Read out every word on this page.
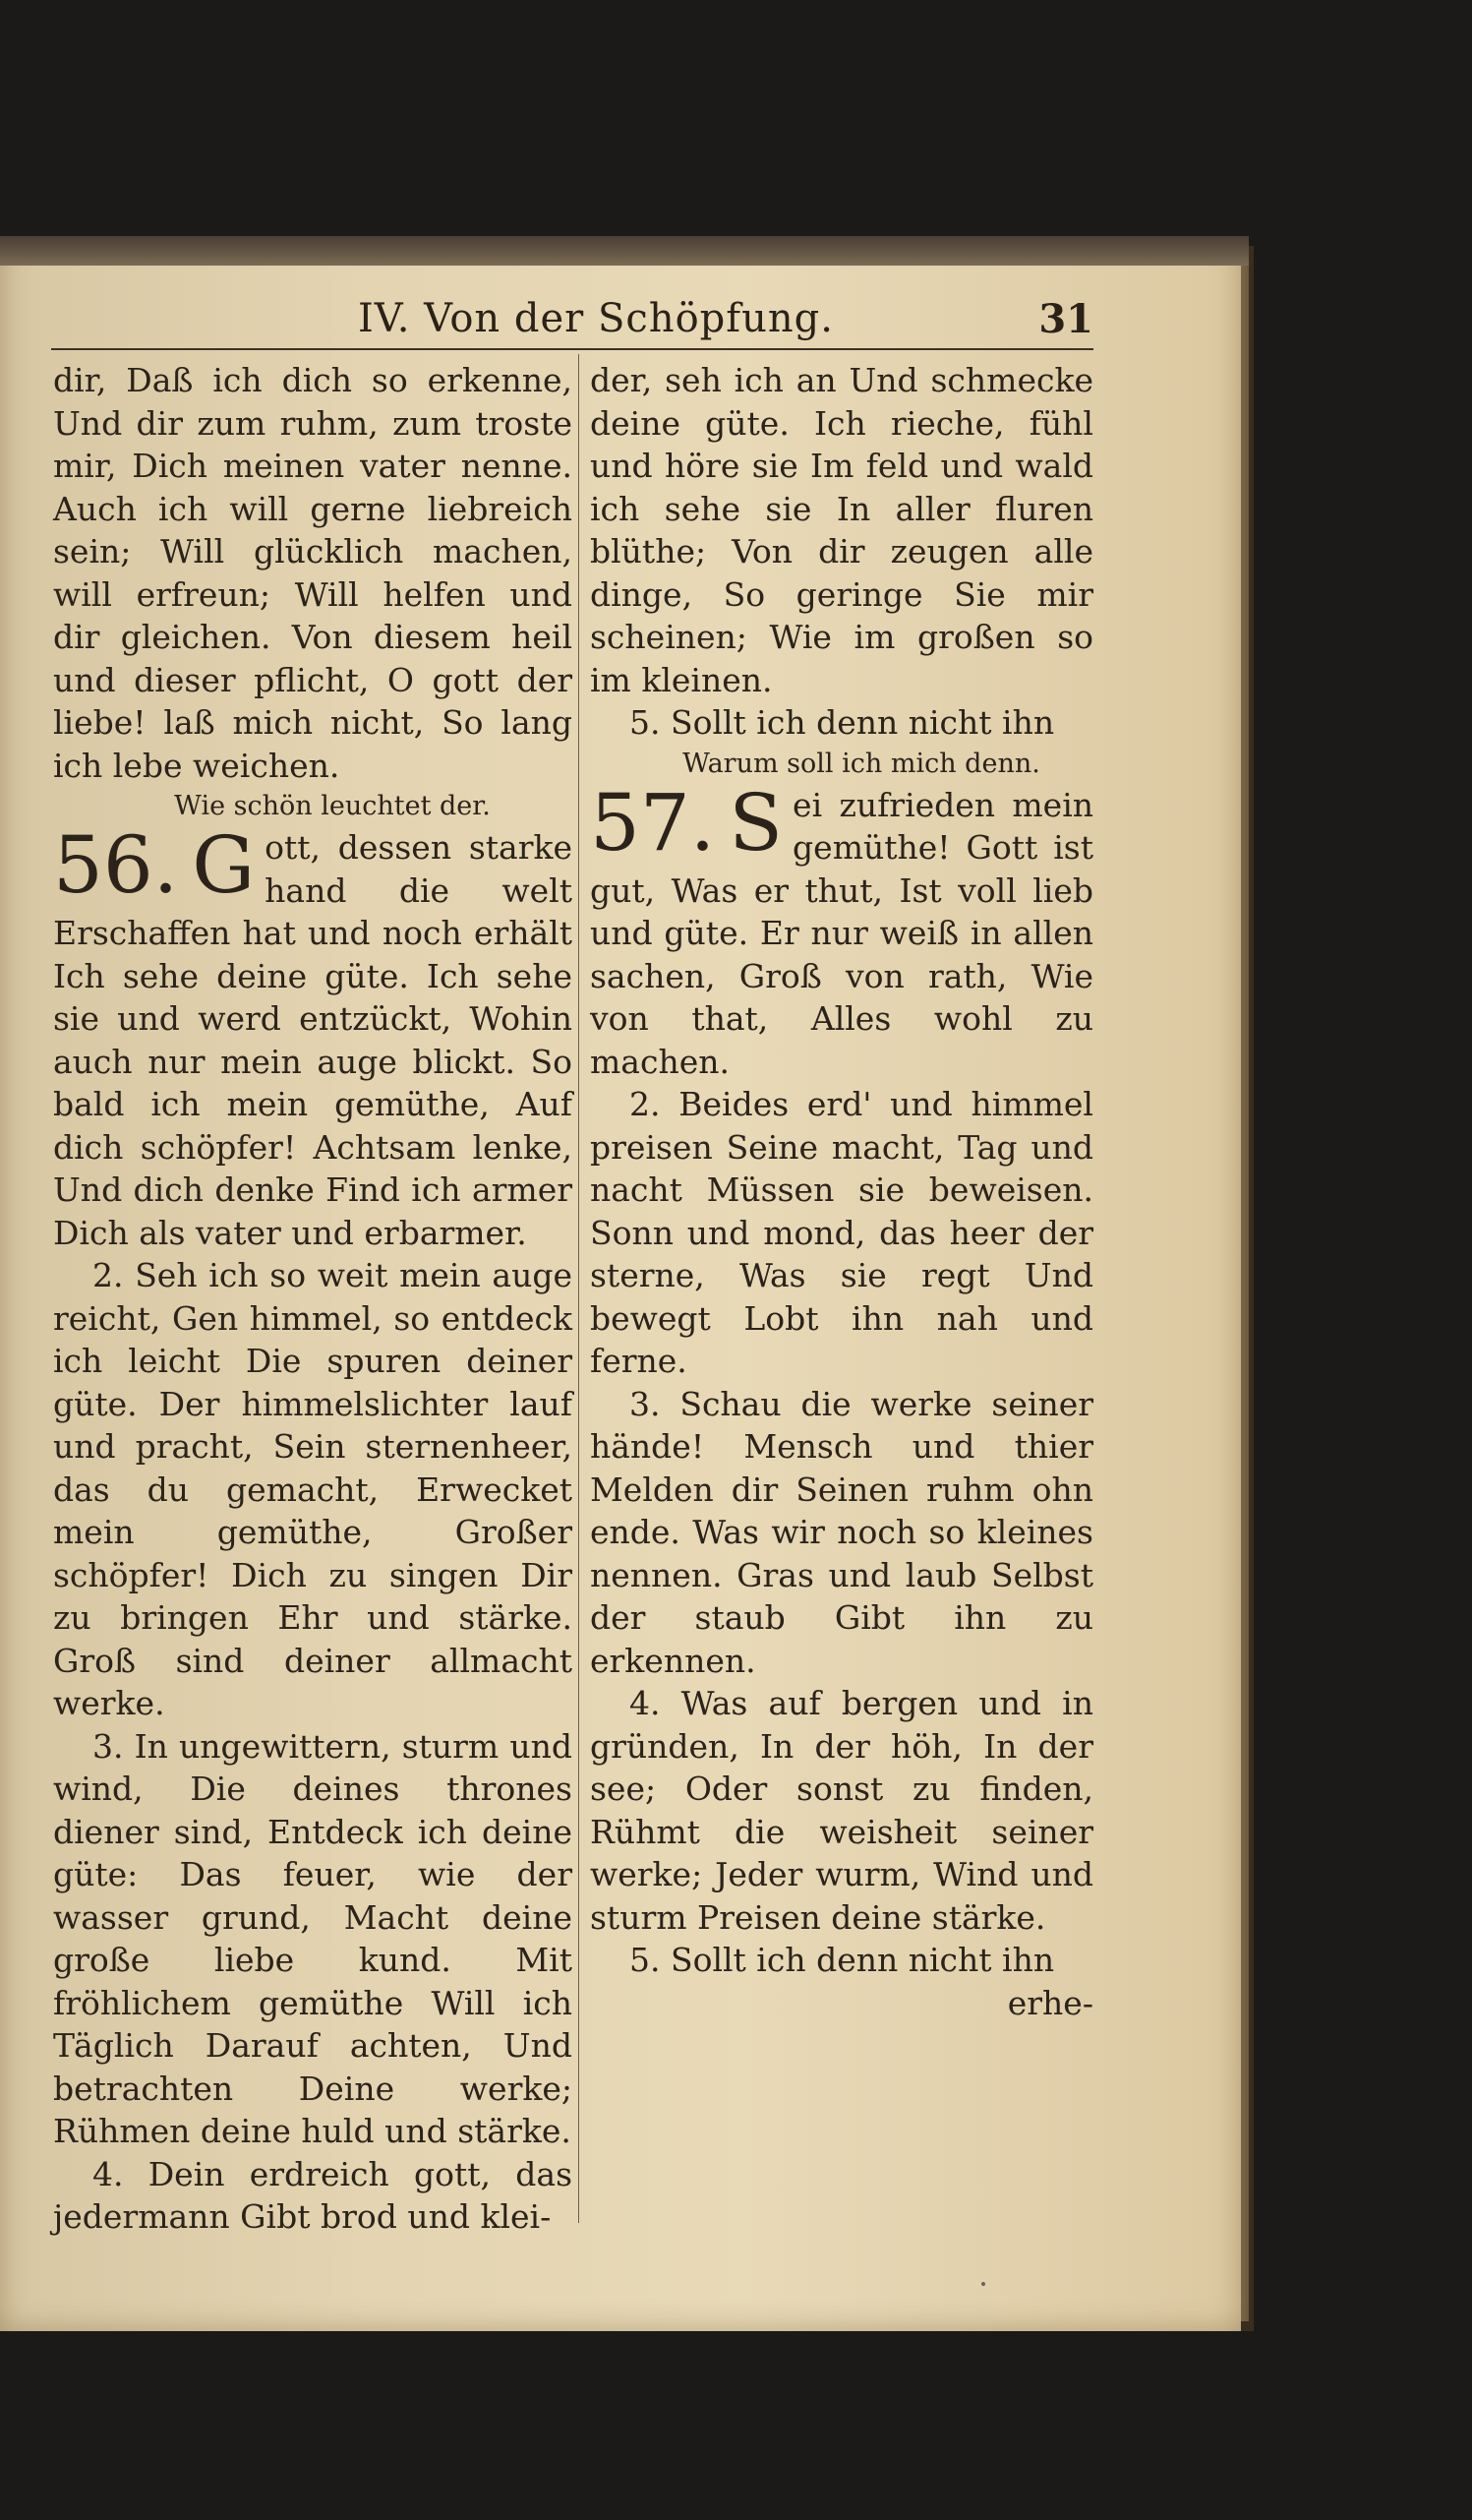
IV. Von der Schöpfung.	31

dir, Daß ich dich so erkenne, Und dir zum ruhm, zum troste mir, Dich meinen vater nenne. Auch ich will gerne liebreich sein; Will glücklich machen, will erfreun; Will helfen und dir gleichen. Von diesem heil und dieser pflicht, O gott der liebe! laß mich nicht, So lang ich lebe weichen.

Wie schön leuchtet der.
56. G ott, dessen starke hand die welt Erschaffen hat und noch erhält Ich sehe deine güte. Ich sehe sie und werd entzückt, Wohin auch nur mein auge blickt. So bald ich mein gemüthe, Auf dich schöpfer! Achtsam lenke, Und dich denke Find ich armer Dich als vater und erbarmer.

2. Seh ich so weit mein auge reicht, Gen himmel, so entdeck ich leicht Die spuren deiner güte. Der himmelslichter lauf und pracht, Sein sternenheer, das du gemacht, Erwecket mein gemüthe, Großer schöpfer! Dich zu singen Dir zu bringen Ehr und stärke. Groß sind deiner allmacht werke.

3. In ungewittern, sturm und wind, Die deines thrones diener sind, Entdeck ich deine güte: Das feuer, wie der wasser grund, Macht deine große liebe kund. Mit fröhlichem gemüthe Will ich Täglich Darauf achten, Und betrachten Deine werke; Rühmen deine huld und stärke.

4. Dein erdreich gott, das jedermann Gibt brod und klei-

der, seh ich an Und schmecke deine güte. Ich rieche, fühl und höre sie Im feld und wald ich sehe sie In aller fluren blüthe; Von dir zeugen alle dinge, So geringe Sie mir scheinen; Wie im großen so im kleinen.

5. Sollt ich denn nicht ihn

Warum soll ich mich denn.
57. S ei zufrieden mein gemüthe! Gott ist gut, Was er thut, Ist voll lieb und güte. Er nur weiß in allen sachen, Groß von rath, Wie von that, Alles wohl zu machen.

2. Beides erd' und himmel preisen Seine macht, Tag und nacht Müssen sie beweisen. Sonn und mond, das heer der sterne, Was sie regt Und bewegt Lobt ihn nah und ferne.

3. Schau die werke seiner hände! Mensch und thier Melden dir Seinen ruhm ohn ende. Was wir noch so kleines nennen. Gras und laub Selbst der staub Gibt ihn zu erkennen.

4. Was auf bergen und in gründen, In der höh, In der see; Oder sonst zu finden, Rühmt die weisheit seiner werke; Jeder wurm, Wind und sturm Preisen deine stärke.

5. Sollt ich denn nicht ihn

erhe-
